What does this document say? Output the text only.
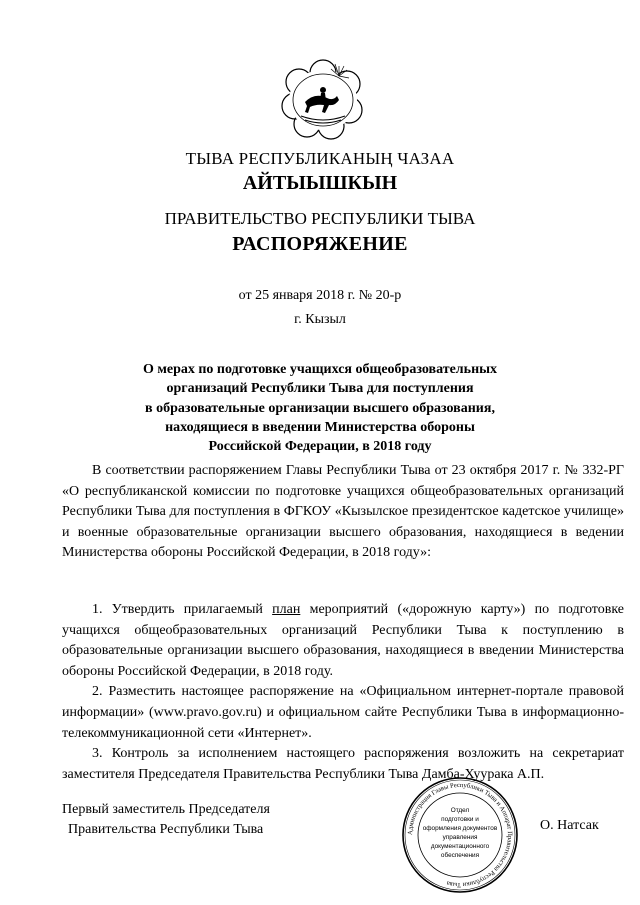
ТЫВА РЕСПУБЛИКАНЫҢ ЧАЗАА
АЙТЫЫШКЫН
ПРАВИТЕЛЬСТВО РЕСПУБЛИКИ ТЫВА
РАСПОРЯЖЕНИЕ
от 25 января 2018 г. № 20-р
г. Кызыл
О мерах по подготовке учащихся общеобразовательных
организаций Республики Тыва для поступления
в образовательные организации высшего образования,
находящиеся в введении Министерства обороны
Российской Федерации, в 2018 году

В соответствии распоряжением Главы Республики Тыва от 23 октября 2017 г. № 332-РГ «О республиканской комиссии по подготовке учащихся общеобразовательных организаций Республики Тыва для поступления в ФГКОУ «Кызылское президентское кадетское училище» и военные образовательные организации высшего образования, находящиеся в ведении Министерства обороны Российской Федерации, в 2018 году»:

1. Утвердить прилагаемый план мероприятий («дорожную карту») по подготовке учащихся общеобразовательных организаций Республики Тыва к поступлению в образовательные организации высшего образования, находящиеся в введении Министерства обороны Российской Федерации, в 2018 году.

2. Разместить настоящее распоряжение на «Официальном интернет-портале правовой информации» (www.pravo.gov.ru) и официальном сайте Республики Тыва в информационно-телекоммуникационной сети «Интернет».

3. Контроль за исполнением настоящего распоряжения возложить на секретариат заместителя Председателя Правительства Республики Тыва Дамба-Хуурака А.П.

Первый заместитель Председателя
Правительства Республики Тыва	Администрация Главы Республики Тыва и Аппарат Правительства Республики Тыва
Отдел
подготовки и
оформления документов
управления
документационного
обеспечения
О. Натсак
